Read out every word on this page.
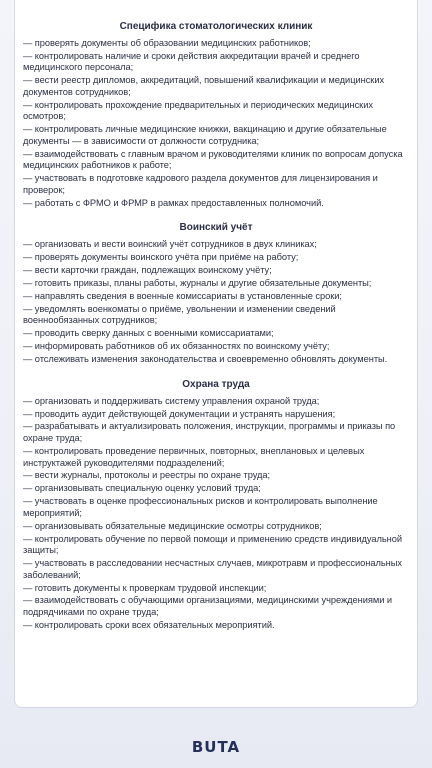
Специфика стоматологических клиник
— проверять документы об образовании медицинских работников;
— контролировать наличие и сроки действия аккредитации врачей и среднего медицинского персонала;
— вести реестр дипломов, аккредитаций, повышений квалификации и медицинских документов сотрудников;
— контролировать прохождение предварительных и периодических медицинских осмотров;
— контролировать личные медицинские книжки, вакцинацию и другие обязательные документы — в зависимости от должности сотрудника;
— взаимодействовать с главным врачом и руководителями клиник по вопросам допуска медицинских работников к работе;
— участвовать в подготовке кадрового раздела документов для лицензирования и проверок;
— работать с ФРМО и ФРМР в рамках предоставленных полномочий.
Воинский учёт
— организовать и вести воинский учёт сотрудников в двух клиниках;
— проверять документы воинского учёта при приёме на работу;
— вести карточки граждан, подлежащих воинскому учёту;
— готовить приказы, планы работы, журналы и другие обязательные документы;
— направлять сведения в военные комиссариаты в установленные сроки;
— уведомлять военкоматы о приёме, увольнении и изменении сведений военнообязанных сотрудников;
— проводить сверку данных с военными комиссариатами;
— информировать работников об их обязанностях по воинскому учёту;
— отслеживать изменения законодательства и своевременно обновлять документы.
Охрана труда
— организовать и поддерживать систему управления охраной труда;
— проводить аудит действующей документации и устранять нарушения;
— разрабатывать и актуализировать положения, инструкции, программы и приказы по охране труда;
— контролировать проведение первичных, повторных, внеплановых и целевых инструктажей руководителями подразделений;
— вести журналы, протоколы и реестры по охране труда;
— организовывать специальную оценку условий труда;
— участвовать в оценке профессиональных рисков и контролировать выполнение мероприятий;
— организовывать обязательные медицинские осмотры сотрудников;
— контролировать обучение по первой помощи и применению средств индивидуальной защиты;
— участвовать в расследовании несчастных случаев, микротравм и профессиональных заболеваний;
— готовить документы к проверкам трудовой инспекции;
— взаимодействовать с обучающими организациями, медицинскими учреждениями и подрядчиками по охране труда;
— контролировать сроки всех обязательных мероприятий.
BUTA
